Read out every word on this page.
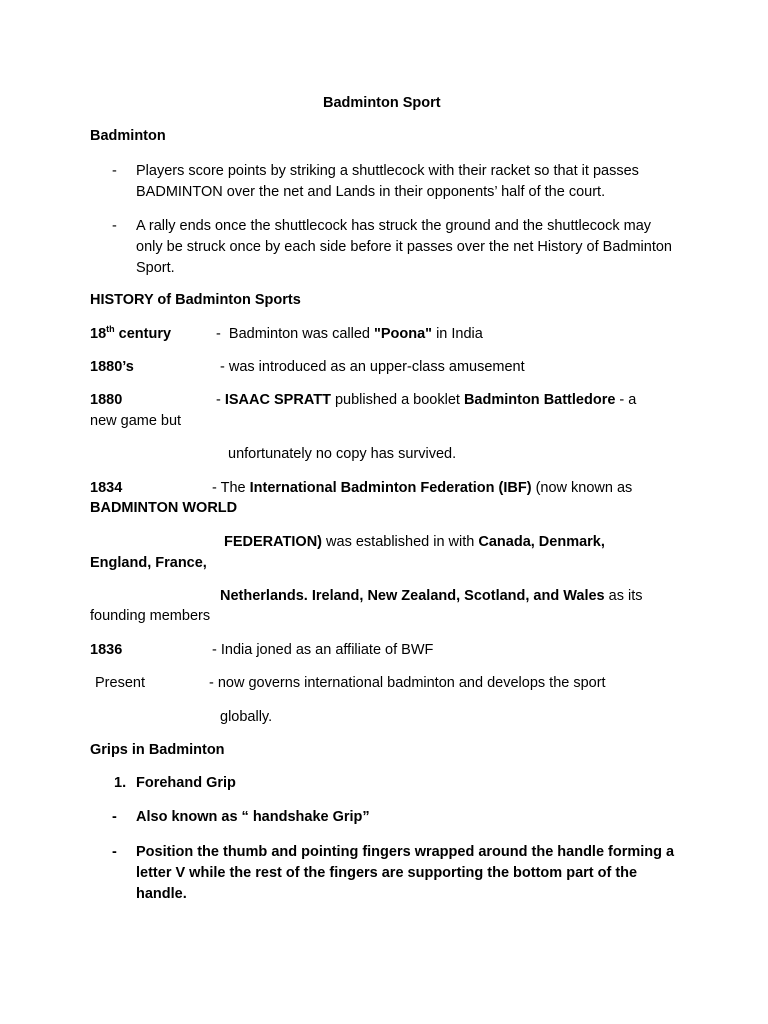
Badminton Sport
Badminton
- Players score points by striking a shuttlecock with their racket so that it passes BADMINTON over the net and Lands in their opponents’ half of the court.
- A rally ends once the shuttlecock has struck the ground and the shuttlecock may only be struck once by each side before it passes over the net History of Badminton Sport.
HISTORY of Badminton Sports
18th century	- Badminton was called "Poona" in India
1880’s	- was introduced as an upper-class amusement
1880	- ISAAC SPRATT published a booklet Badminton Battledore - a
new game but
unfortunately no copy has survived.
1834	- The International Badminton Federation (IBF) (now known as
BADMINTON WORLD
FEDERATION) was established in with Canada, Denmark,
England, France,
Netherlands. Ireland, New Zealand, Scotland, and Wales as its
founding members
1836	- India joned as an affiliate of BWF
Present	- now governs international badminton and develops the sport
globally.
Grips in Badminton
1. Forehand Grip
- Also known as “ handshake Grip”
- Position the thumb and pointing fingers wrapped around the handle forming a letter V while the rest of the fingers are supporting the bottom part of the handle.
